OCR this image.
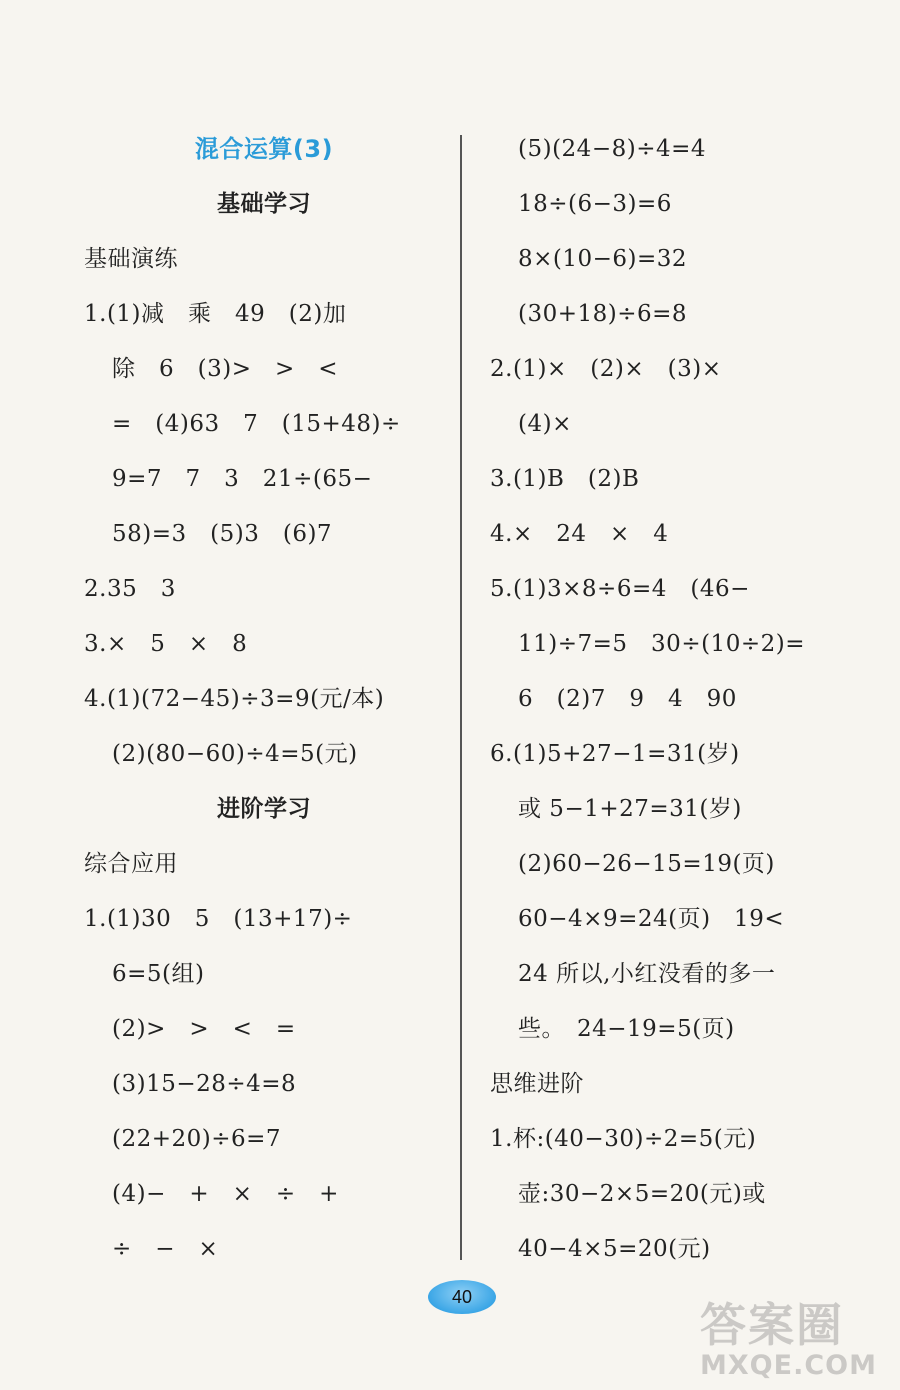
混合运算(3)
基础学习
基础演练
1.(1)减　乘　49　(2)加
除　6　(3)>　>　<
=　(4)63　7　(15+48)÷
9=7　7　3　21÷(65−
58)=3　(5)3　(6)7
2.35　3
3.×　5　×　8
4.(1)(72−45)÷3=9(元/本)
(2)(80−60)÷4=5(元)
进阶学习
综合应用
1.(1)30　5　(13+17)÷
6=5(组)
(2)>　>　<　=
(3)15−28÷4=8
(22+20)÷6=7
(4)−　+　×　÷　+
÷　−　×
(5)(24−8)÷4=4
18÷(6−3)=6
8×(10−6)=32
(30+18)÷6=8
2.(1)×　(2)×　(3)×
(4)×
3.(1)B　(2)B
4.×　24　×　4
5.(1)3×8÷6=4　(46−
11)÷7=5　30÷(10÷2)=
6　(2)7　9　4　90
6.(1)5+27−1=31(岁)
或 5−1+27=31(岁)
(2)60−26−15=19(页)
60−4×9=24(页)　19<
24 所以,小红没看的多一
些。　24−19=5(页)
思维进阶
1.杯:(40−30)÷2=5(元)
壶:30−2×5=20(元)或
40−4×5=20(元)
40
答案圈
MXQE.COM
